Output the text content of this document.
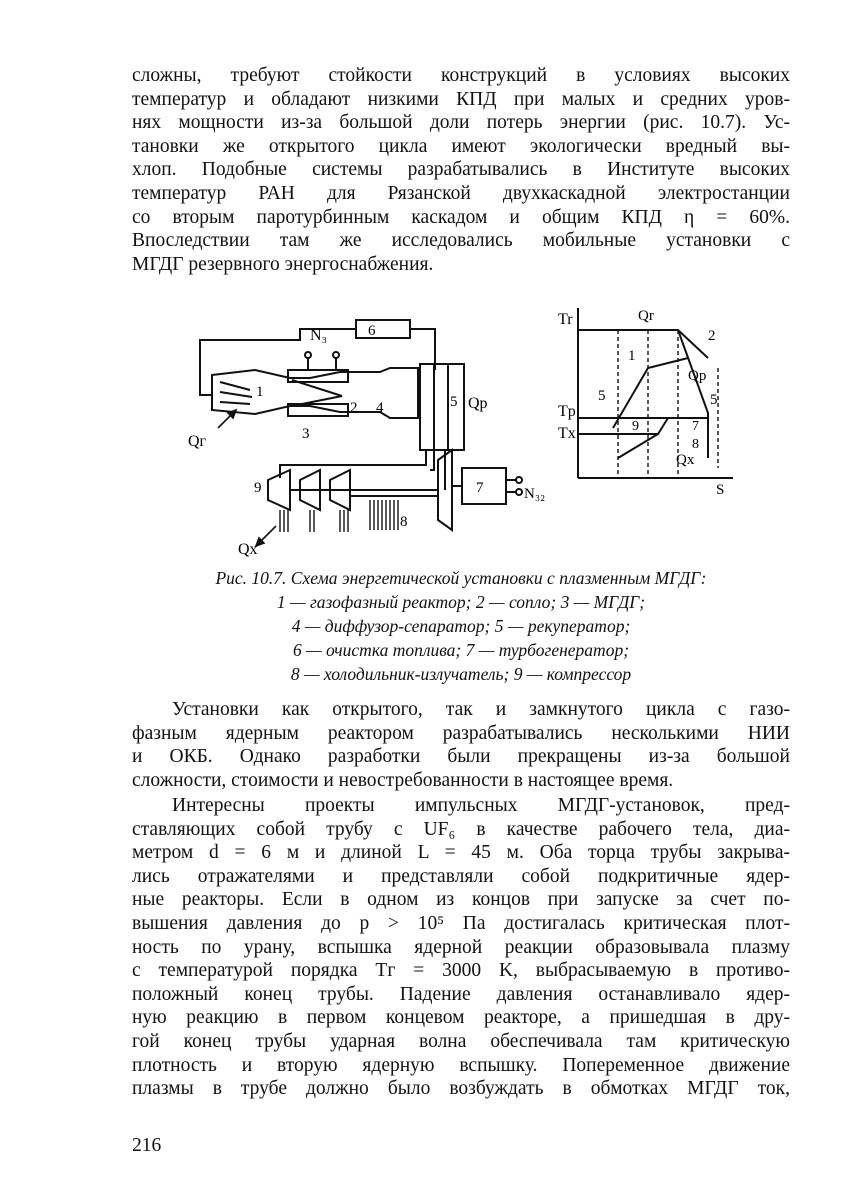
сложны, требуют стойкости конструкций в условиях высоких
температур и обладают низкими КПД при малых и средних уров-
нях мощности из-за большой доли потерь энергии (рис. 10.7). Ус-
тановки же открытого цикла имеют экологически вредный вы-
хлоп. Подобные системы разрабатывались в Институте высоких
температур РАН для Рязанской двухкаскадной электростанции
со вторым паротурбинным каскадом и общим КПД η = 60%.
Впоследствии там же исследовались мобильные установки с
МГДГ резервного энергоснабжения.
N₃	6
1
2 4
3
5 Qр
Qг
9	7	N₃₂
8
Qx
Tr	Qr
2
1
Qp
5	5
Tp
Tx	9	7
8
Qx
S
Рис. 10.7. Схема энергетической установки с плазменным МГДГ:
1 — газофазный реактор; 2 — сопло; 3 — МГДГ;
4 — диффузор-сепаратор; 5 — рекуператор;
6 — очистка топлива; 7 — турбогенератор;
8 — холодильник-излучатель; 9 — компрессор
Установки как открытого, так и замкнутого цикла с газо-
фазным ядерным реактором разрабатывались несколькими НИИ
и ОКБ. Однако разработки были прекращены из-за большой
сложности, стоимости и невостребованности в настоящее время.
Интересны проекты импульсных МГДГ-установок, пред-
ставляющих собой трубу с UF₆ в качестве рабочего тела, диа-
метром d = 6 м и длиной L = 45 м. Оба торца трубы закрыва-
лись отражателями и представляли собой подкритичные ядер-
ные реакторы. Если в одном из концов при запуске за счет по-
вышения давления до p > 10⁵ Па достигалась критическая плот-
ность по урану, вспышка ядерной реакции образовывала плазму
с температурой порядка Tг = 3000 K, выбрасываемую в противо-
положный конец трубы. Падение давления останавливало ядер-
ную реакцию в первом концевом реакторе, а пришедшая в дру-
гой конец трубы ударная волна обеспечивала там критическую
плотность и вторую ядерную вспышку. Попеременное движение
плазмы в трубе должно было возбуждать в обмотках МГДГ ток,
216
